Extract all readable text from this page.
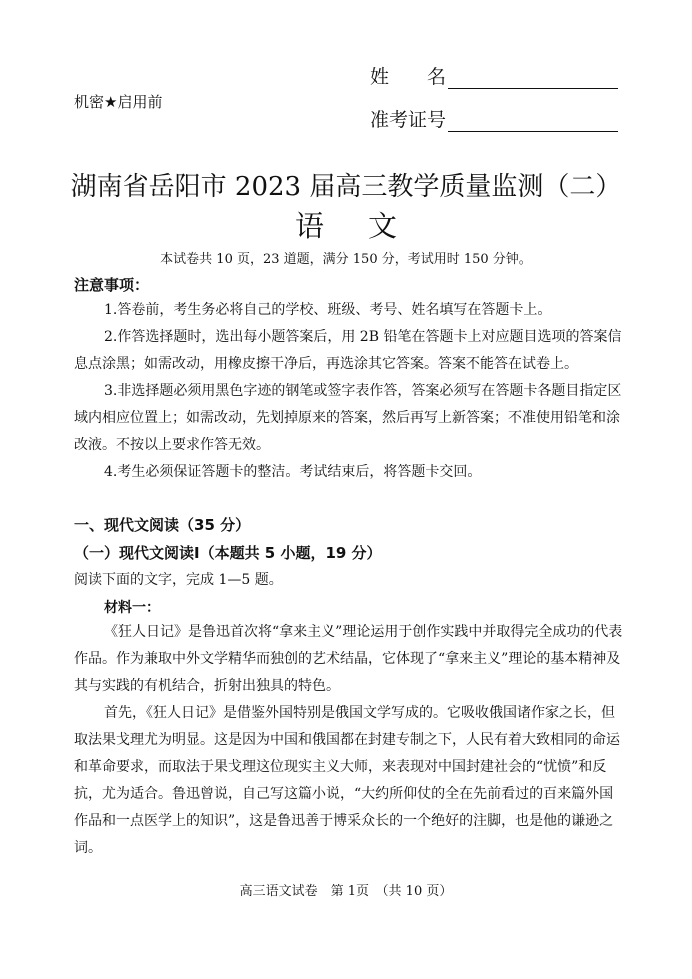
姓　　名
准考证号
机密★启用前
湖南省岳阳市 2023 届高三教学质量监测（二）
语文
本试卷共 10 页，23 道题，满分 150 分，考试用时 150 分钟。
注意事项：
1.答卷前，考生务必将自己的学校、班级、考号、姓名填写在答题卡上。
2.作答选择题时，选出每小题答案后，用 2B 铅笔在答题卡上对应题目选项的答案信息点涂黑；如需改动，用橡皮擦干净后，再选涂其它答案。答案不能答在试卷上。
3.非选择题必须用黑色字迹的钢笔或签字表作答，答案必须写在答题卡各题目指定区域内相应位置上；如需改动，先划掉原来的答案，然后再写上新答案；不准使用铅笔和涂改液。不按以上要求作答无效。
4.考生必须保证答题卡的整洁。考试结束后，将答题卡交回。
一、现代文阅读（35 分）
（一）现代文阅读I（本题共 5 小题，19 分）
阅读下面的文字，完成 1—5 题。
材料一：
《狂人日记》是鲁迅首次将“拿来主义”理论运用于创作实践中并取得完全成功的代表作品。作为兼取中外文学精华而独创的艺术结晶，它体现了“拿来主义”理论的基本精神及其与实践的有机结合，折射出独具的特色。
首先，《狂人日记》是借鉴外国特别是俄国文学写成的。它吸收俄国诸作家之长，但取法果戈理尤为明显。这是因为中国和俄国都在封建专制之下，人民有着大致相同的命运和革命要求，而取法于果戈理这位现实主义大师，来表现对中国封建社会的“忧愤”和反抗，尤为适合。鲁迅曾说，自己写这篇小说，“大约所仰仗的全在先前看过的百来篇外国作品和一点医学上的知识”，这是鲁迅善于博采众长的一个绝好的注脚，也是他的谦逊之词。
高三语文试卷　第 1页　（共 10 页）
